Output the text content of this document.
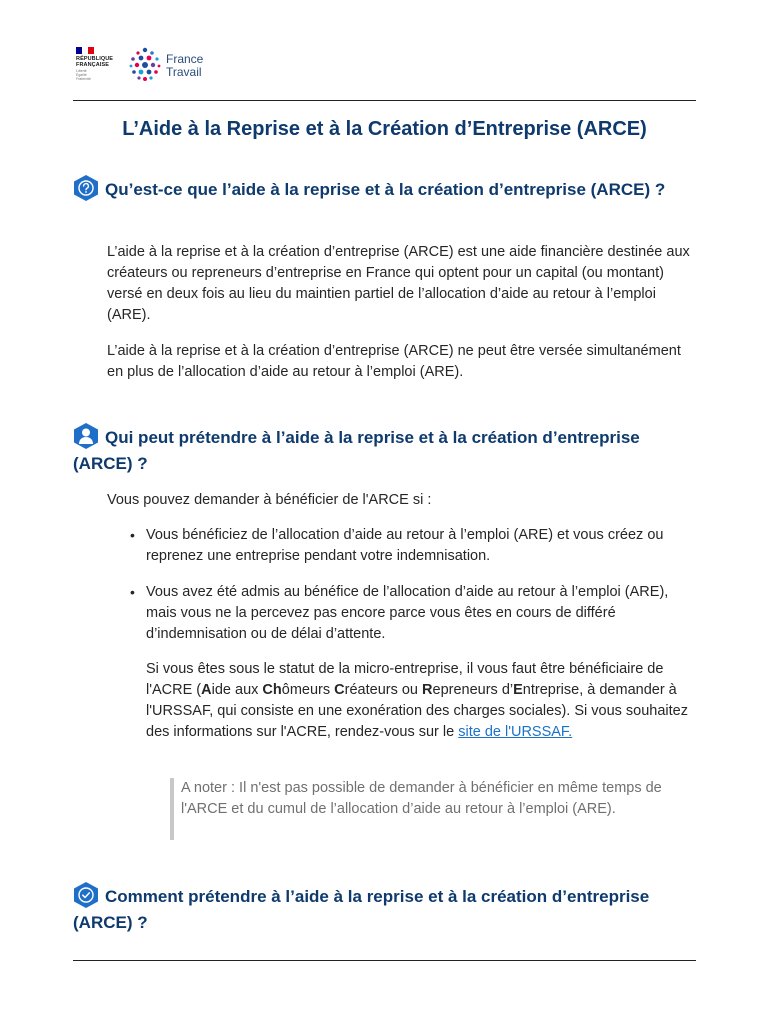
RÉPUBLIQUE
FRANÇAISE
Liberté
Égalité
Fraternité
France
Travail
L’Aide à la Reprise et à la Création d’Entreprise (ARCE)
Qu’est-ce que l’aide à la reprise et à la création d’entreprise (ARCE) ?

L’aide à la reprise et à la création d’entreprise (ARCE) est une aide financière destinée aux créateurs ou repreneurs d’entreprise en France qui optent pour un capital (ou montant) versé en deux fois au lieu du maintien partiel de l’allocation d’aide au retour à l’emploi (ARE).

L’aide à la reprise et à la création d’entreprise (ARCE) ne peut être versée simultanément en plus de l’allocation d’aide au retour à l’emploi (ARE).

Qui peut prétendre à l’aide à la reprise et à la création d’entreprise (ARCE) ?

Vous pouvez demander à bénéficier de l'ARCE si :

• Vous bénéficiez de l’allocation d’aide au retour à l’emploi (ARE) et vous créez ou reprenez une entreprise pendant votre indemnisation.

• Vous avez été admis au bénéfice de l’allocation d’aide au retour à l’emploi (ARE), mais vous ne la percevez pas encore parce vous êtes en cours de différé d’indemnisation ou de délai d’attente.

Si vous êtes sous le statut de la micro-entreprise, il vous faut être bénéficiaire de l'ACRE (Aide aux Chômeurs Créateurs ou Repreneurs d’Entreprise, à demander à l'URSSAF, qui consiste en une exonération des charges sociales). Si vous souhaitez des informations sur l'ACRE, rendez-vous sur le site de l'URSSAF.

A noter : Il n'est pas possible de demander à bénéficier en même temps de l'ARCE et du cumul de l’allocation d’aide au retour à l’emploi (ARE).
Comment prétendre à l’aide à la reprise et à la création d’entreprise (ARCE) ?
